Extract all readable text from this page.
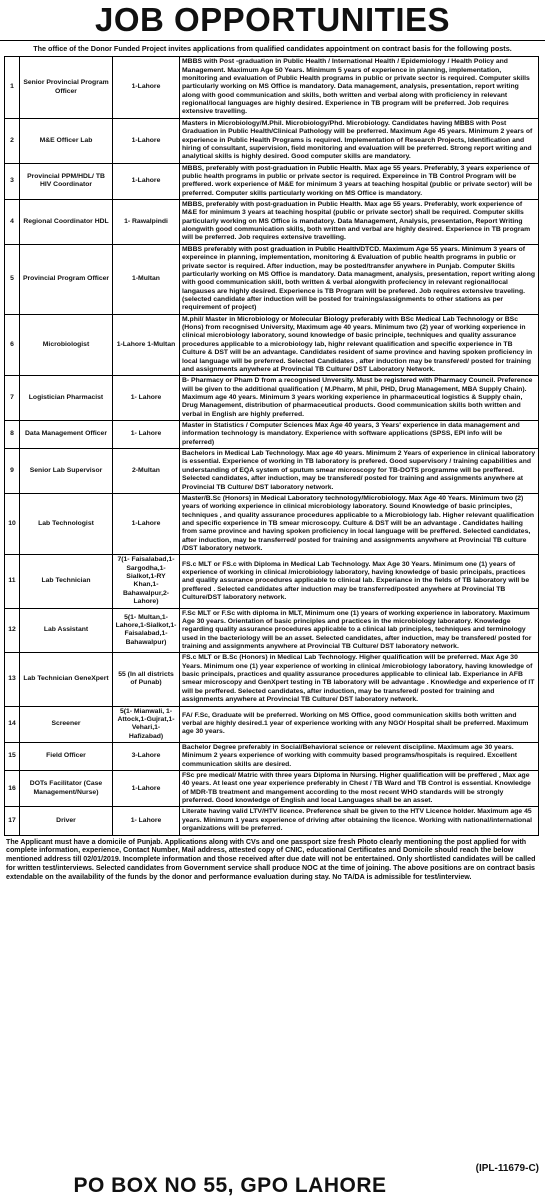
JOB OPPORTUNITIES
The office of the Donor Funded Project invites applications from qualified candidates appointment on contract basis for the following posts.
1	Senior Provincial Program Officer	1-Lahore	MBBS with Post -graduation in Public Health / International Health / Epidemiology / Health Policy and Management. Maximum Age 50 Years. Minimum 5 years of experience in planning, implementation, monitoring and evaluation of Public Health programs in public or private sector is required. Computer skills particularly working on MS Office is mandatory. Data management, analysis, presentation, report writing along with good communication and skills, both written and verbal along with proficiency in relevant regional/local languages are highly desired. Experience in TB program will be preferred. Job requires extensive travelling.
2	M&E Officer Lab	1-Lahore	Masters in Microbiology/M.Phil. Microbiology/Phd. Microbiology. Candidates having MBBS with Post Graduation in Public Health/Clinical Pathology will be preferred. Maximum Age 45 years. Minimum 2 years of experience in Public Health Programs is required. Implementation of Research Projects, Identification and hiring of consultant, supervision, field monitoring and evaluation will be preferred. Strong report writing and analytical skills is highly desired. Good computer skills are mandatory.
3	Provincial PPM/HDL/ TB HIV Coordinator	1-Lahore	MBBS, preferably with post-graduation in Public Health. Max age 55 years. Preferably, 3 years experience of public health programs in public or private sector is required. Expereince in TB Control Program will be preffered. work experience of M&E for minimum 3 years at teaching hospital (public or private sector) will be preferred. Computer skills particularly working on MS Office is mandatory.
4	Regional Coordinator HDL	1- Rawalpindi	MBBS, preferably with post-graduation in Public Health. Max age 55 years. Preferably, work experience of M&E for minimum 3 years at teaching hospital (public or private sector) shall be required. Computer skills particularly working on MS Office is mandatory. Data Management, Analysis, presentation, Report Writing alongwith good communication skills, both written and verbal are highly desired. Experience in TB program will be preferred. Job requires extensive travelling.
5	Provincial Program Officer	1-Multan	MBBS preferably with post graduation in Public Health/DTCD. Maximum Age 55 years. Minimum 3 years of expereince in planning, implementation, monitoring & Evaluation of public health programs in public or private sector is required. After induction, may be posted/transfer anywhere in Punjab. Computer Skills particularly working on MS Office is mandatory. Data managment, analysis, presentation, report writing along with good communication skill, both written & verbal alongwith profeciency in relevant regional/local langauses are highly desired. Experience is TB Program will be prefered. Job requires extensive traveling. (selected candidate after induction will be posted for trainings/assignments to other stations as per requirement of project)
6	Microbiologist	1-Lahore 1-Multan	M.phil/ Master in Microbiology or Molecular Biology preferably with BSc Medical Lab Technology or BSc (Hons) from recognised University, Maximum age 40 years. Minimum two (2) year of working experience in clinical microbiology laboratory, sound knowledge of basic principle, techniques and quality assurance procedures applicable to a microbiology lab, highr relevant qualification and specific experience in TB Culture & DST will be an advantage. Candidates resident of same province and having spoken proficiency in local language will be preferred. Selected Candidates , after induction may be transfered/ posted for training and assignments anywhere at Provincial TB Culture/ DST Laboratory Network.
7	Logistician Pharmacist	1- Lahore	B- Pharmacy or Pham D from a recognised Unversity. Must be registered with Pharmacy Council. Preference will be given to the additional qualification ( M.Pharm, M phil, PHD, Drug Management, MBA Supply Chain). Maximum age 40 years. Minimum 3 years working experience in pharmaceutical logistics & Supply chain, Drug Management, distribution of pharmaceutical products. Good communication skills both written and verbal in English are highly preferred.
8	Data Management Officer	1- Lahore	Master in Statistics / Computer Sciences Max Age 40 years, 3 Years' experience in data management and information technology is mandatory. Experience with software applications (SPSS, EPI info will be preferred)
9	Senior Lab Supervisor	2-Multan	Bachelors in Medical Lab Technology. Max age 40 years. Minimum 2 Years of experience in clinical laboratory is essential. Experience of working in TB laboratory is prefered. Good supervisory / training capabilities and understanding of EQA system of sputum smear microscopy for TB-DOTS programme will be preffered. Selected candidates, after induction, may be transfered/ posted for training and assignments anywhere at Provincial TB Culture/ DST laboratory network.
10	Lab Technologist	1-Lahore	Master/B.Sc (Honors) in Medical Laboratory technology/Microbiology. Max Age 40 Years. Minimum two (2) years of working experience in clinical microbiology laboratory. Sound Knowledge of basic principles, techniques , and quality assurance procedures applicable to a Microbiology lab. Higher relevant qualification and specific experience in TB smear microscopy. Culture & DST will be an advantage . Candidates hailing from same province and having spoken proficiency in local language will be preffered. Selected candidates, after induction, may be transferred/ posted for training and assignments anywhere at Provincial TB culture /DST laboratory network.
11	Lab Technician	7(1- Faisalabad,1-Sargodha,1-Sialkot,1-RY Khan,1-Bahawalpur,2-Lahore)	FS.c MLT or FS.c with Diploma in Medical Lab Technology. Max Age 30 Years. Minimum one (1) years of experience of working in clinical /microbiology laboratory, having knowledge of basic principals, practices and quality assurance procedures applicable to clinical lab. Experiance in the fields of TB laboratory will be preffered . Selected candidates after induction may be transferred/posted anywhere at Provincial TB Culture/DST laboratory network.
12	Lab Assistant	5(1- Multan,1-Lahore,1-Sialkot,1-Faisalabad,1-Bahawalpur)	F.Sc MLT or F.Sc with diploma in MLT, Minimum one (1) years of working experience in laboratory. Maximum Age 30 years. Orientation of basic principles and practices in the microbiology laboratory. Knowledge regarding quality assurance procedures applicable to a clinical lab principles, techniques and terminology used in the bacteriology will be an asset. Selected candidates, after induction, may be transfered/ posted for training and assignments anywhere at Provincial TB Culture/ DST laboratory network.
13	Lab Technician GeneXpert	55 (In all districts of Punab)	FS.c MLT or B.Sc (Honors) in Medical Lab Technology. Higher qualification will be preferred. Max Age 30 Years. Minimum one (1) year experience of working in clinical /microbiology laboratory, having knowledge of basic principals, practices and quality assurance procedures applicable to clinical lab. Experiance in AFB smear microscopy and GenXpert testing in TB laboratory will be advantage . Knowledge and experience of IT will be preffered. Selected candidates, after induction, may be transfered/ posted for training and assignments anywhere at Provincial TB Culture/ DST laboratory network.
14	Screener	5(1- Mianwali, 1-Attock,1-Gujrat,1-Vehari,1-Hafizabad)	FA/ F.Sc, Graduate will be preferred. Working on MS Office, good communication skills both written and verbal are highly desired.1 year of experience working with any NGO/ Hospital shall be preferred. Maximum age 30 years.
15	Field Officer	3-Lahore	Bachelor Degree preferably in Social/Behavioral science or relevent discipline. Maximum age 30 years. Minimum 2 years experience of working with commuity based programs/hospitals is required. Excellent communication skills are desired.
16	DOTs Facilitator (Case Management/Nurse)	1-Lahore	FSc pre medical/ Matric with three years Diploma in Nursing. Higher qualification will be preffered , Max age 40 years. At least one year experience preferably in Chest / TB Ward and TB Control is essential. Knowledge of MDR-TB treatment and mangement according to the most recent WHO standards will be strongly preferred. Good knowledge of English and local Languages shall be an asset.
17	Driver	1- Lahore	Literate having valid LTV/HTV licence. Preference shall be given to the HTV Licence holder. Maximum age 45 years. Minimum 1 years experience of driving after obtaining the licence. Working with national/international organizations will be preferred.
The Applicant must have a domicile of Punjab. Applications along with CVs and one passport size fresh Photo clearly mentioning the post applied for with complete information, experience, Contact Number, Mail address, attested copy of CNIC, educational Certificates and Domicile should reach the below mentioned address till 02/01/2019. Incomplete information and those received after due date will not be entertained. Only shortlisted candidates will be called for written test/interviews. Selected candidates from Government service shall produce NOC at the time of joining. The above positions are on contract basis extendable on the availability of the funds by the donor and performance evaluation during stay. No TA/DA is admissible for test/interview.
(IPL-11679-C)
PO BOX NO 55, GPO LAHORE
